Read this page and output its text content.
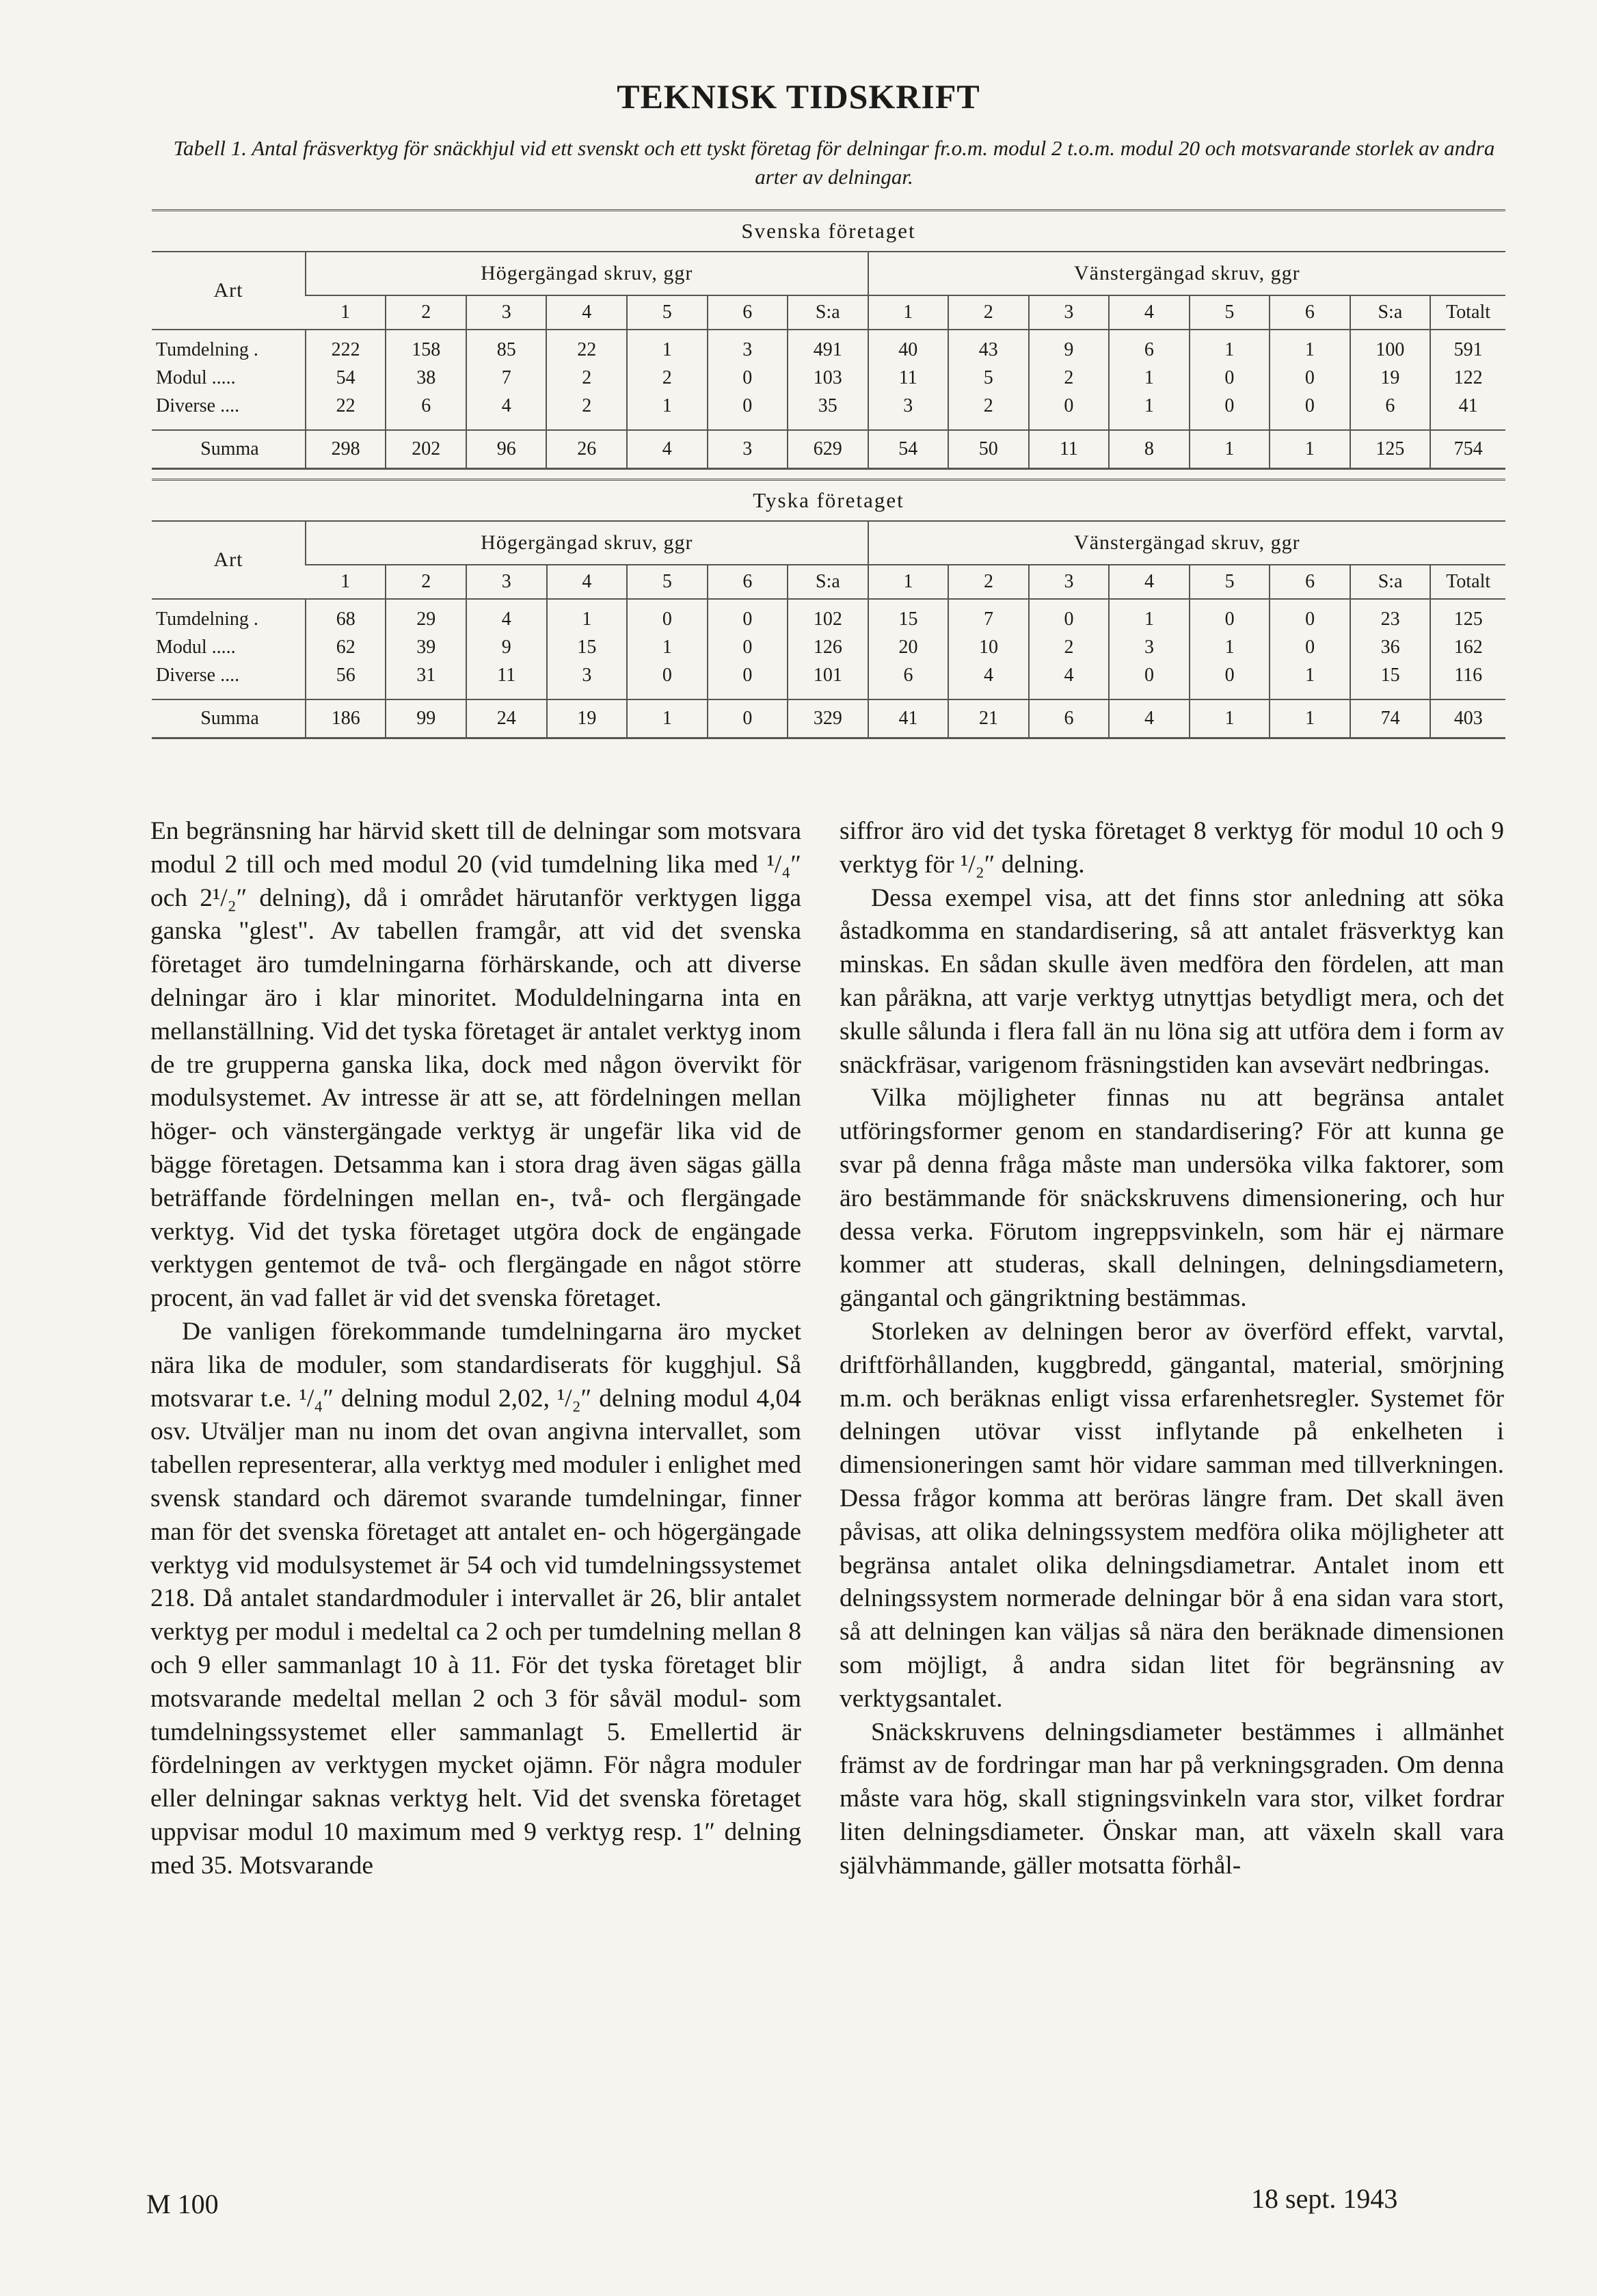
TEKNISK TIDSKRIFT
Tabell 1. Antal fräsverktyg för snäckhjul vid ett svenskt och ett tyskt företag för delningar fr.o.m. modul 2 t.o.m. modul 20 och motsvarande storlek av andra arter av delningar.
Svenska företaget															
Art	Högergängad skruv, ggr							Vänstergängad skruv, ggr							
	1	2	3	4	5	6	S:a	1	2	3	4	5	6	S:a	Totalt

Tumdelning .	222	158	85	22	1	3	491	40	43	9	6	1	1	100	591
Modul .....	54	38	7	2	2	0	103	11	5	2	1	0	0	19	122
Diverse ....	22	6	4	2	1	0	35	3	2	0	1	0	0	6	41

Summa	298	202	96	26	4	3	629	54	50	11	8	1	1	125	754
Tyska företaget															
Art	Högergängad skruv, ggr							Vänstergängad skruv, ggr							
	1	2	3	4	5	6	S:a	1	2	3	4	5	6	S:a	Totalt

Tumdelning .	68	29	4	1	0	0	102	15	7	0	1	0	0	23	125
Modul .....	62	39	9	15	1	0	126	20	10	2	3	1	0	36	162
Diverse ....	56	31	11	3	0	0	101	6	4	4	0	0	1	15	116

Summa	186	99	24	19	1	0	329	41	21	6	4	1	1	74	403

En begränsning har härvid skett till de delningar som motsvara modul 2 till och med modul 20 (vid tumdelning lika med ¹/₄″ och 2¹/₂″ delning), då i området härutanför verktygen ligga ganska "glest". Av tabellen framgår, att vid det svenska företaget äro tumdelningarna förhärskande, och att diverse delningar äro i klar minoritet. Moduldelningarna inta en mellanställning. Vid det tyska företaget är antalet verktyg inom de tre grupperna ganska lika, dock med någon övervikt för modulsystemet. Av intresse är att se, att fördelningen mellan höger- och vänstergängade verktyg är ungefär lika vid de bägge företagen. Detsamma kan i stora drag även sägas gälla beträffande fördelningen mellan en-, två- och flergängade verktyg. Vid det tyska företaget utgöra dock de engängade verktygen gentemot de två- och flergängade en något större procent, än vad fallet är vid det svenska företaget.

De vanligen förekommande tumdelningarna äro mycket nära lika de moduler, som standardiserats för kugghjul. Så motsvarar t.e. ¹/₄″ delning modul 2,02, ¹/₂″ delning modul 4,04 osv. Utväljer man nu inom det ovan angivna intervallet, som tabellen representerar, alla verktyg med moduler i enlighet med svensk standard och däremot svarande tumdelningar, finner man för det svenska företaget att antalet en- och högergängade verktyg vid modulsystemet är 54 och vid tumdelningssystemet 218. Då antalet standardmoduler i intervallet är 26, blir antalet verktyg per modul i medeltal ca 2 och per tumdelning mellan 8 och 9 eller sammanlagt 10 à 11. För det tyska företaget blir motsvarande medeltal mellan 2 och 3 för såväl modul- som tumdelningssystemet eller sammanlagt 5. Emellertid är fördelningen av verktygen mycket ojämn. För några moduler eller delningar saknas verktyg helt. Vid det svenska företaget uppvisar modul 10 maximum med 9 verktyg resp. 1″ delning med 35. Motsvarande

siffror äro vid det tyska företaget 8 verktyg för modul 10 och 9 verktyg för ¹/₂″ delning.

Dessa exempel visa, att det finns stor anledning att söka åstadkomma en standardisering, så att antalet fräsverktyg kan minskas. En sådan skulle även medföra den fördelen, att man kan påräkna, att varje verktyg utnyttjas betydligt mera, och det skulle sålunda i flera fall än nu löna sig att utföra dem i form av snäckfräsar, varigenom fräsningstiden kan avsevärt nedbringas.

Vilka möjligheter finnas nu att begränsa antalet utföringsformer genom en standardisering? För att kunna ge svar på denna fråga måste man undersöka vilka faktorer, som äro bestämmande för snäckskruvens dimensionering, och hur dessa verka. Förutom ingreppsvinkeln, som här ej närmare kommer att studeras, skall delningen, delningsdiametern, gängantal och gängriktning bestämmas.

Storleken av delningen beror av överförd effekt, varvtal, driftförhållanden, kuggbredd, gängantal, material, smörjning m.m. och beräknas enligt vissa erfarenhetsregler. Systemet för delningen utövar visst inflytande på enkelheten i dimensioneringen samt hör vidare samman med tillverkningen. Dessa frågor komma att beröras längre fram. Det skall även påvisas, att olika delningssystem medföra olika möjligheter att begränsa antalet olika delningsdiametrar. Antalet inom ett delningssystem normerade delningar bör å ena sidan vara stort, så att delningen kan väljas så nära den beräknade dimensionen som möjligt, å andra sidan litet för begränsning av verktygsantalet.

Snäckskruvens delningsdiameter bestämmes i allmänhet främst av de fordringar man har på verkningsgraden. Om denna måste vara hög, skall stigningsvinkeln vara stor, vilket fordrar liten delningsdiameter. Önskar man, att växeln skall vara självhämmande, gäller motsatta förhål-

M 100	18 sept. 1943
